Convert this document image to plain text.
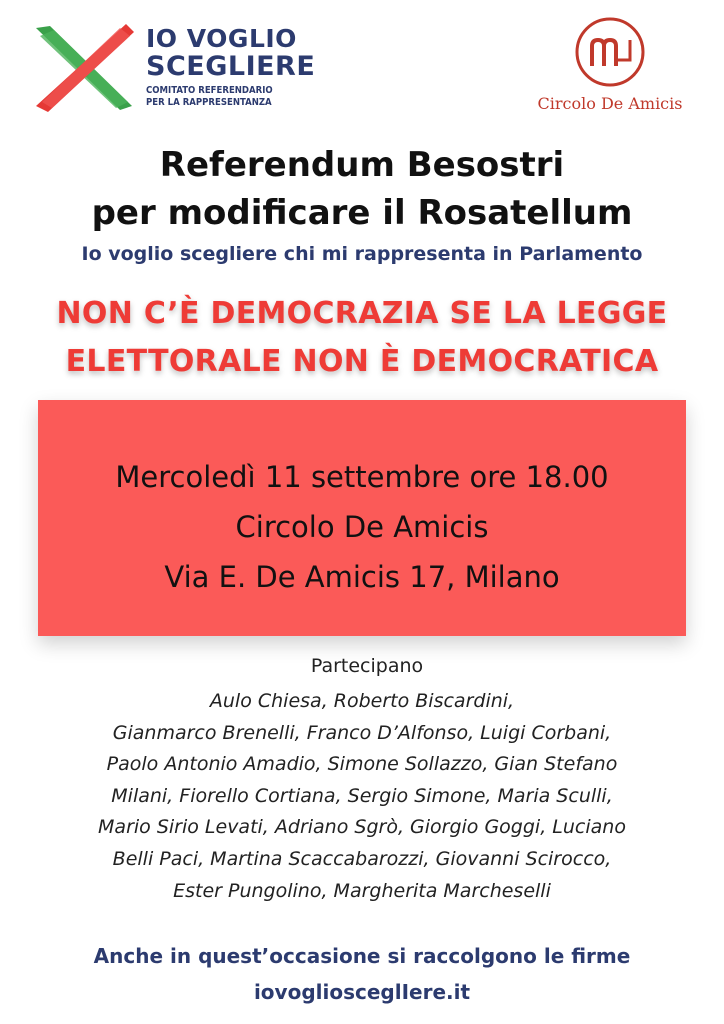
IO VOGLIO
SCEGLIERE
COMITATO REFERENDARIO
PER LA RAPPRESENTANZA	Circolo De Amicis
Referendum Besostri
per modificare il Rosatellum
Io voglio scegliere chi mi rappresenta in Parlamento
NON C’È DEMOCRAZIA SE LA LEGGE
ELETTORALE NON È DEMOCRATICA
Mercoledì 11 settembre ore 18.00
Circolo De Amicis
Via E. De Amicis 17, Milano
Partecipano
Aulo Chiesa, Roberto Biscardini,
Gianmarco Brenelli, Franco D’Alfonso, Luigi Corbani,
Paolo Antonio Amadio, Simone Sollazzo, Gian Stefano
Milani, Fiorello Cortiana, Sergio Simone, Maria Sculli,
Mario Sirio Levati, Adriano Sgrò, Giorgio Goggi, Luciano
Belli Paci, Martina Scaccabarozzi, Giovanni Scirocco,
Ester Pungolino, Margherita Marcheselli
Anche in quest’occasione si raccolgono le firme
iovogliosceglIere.it
